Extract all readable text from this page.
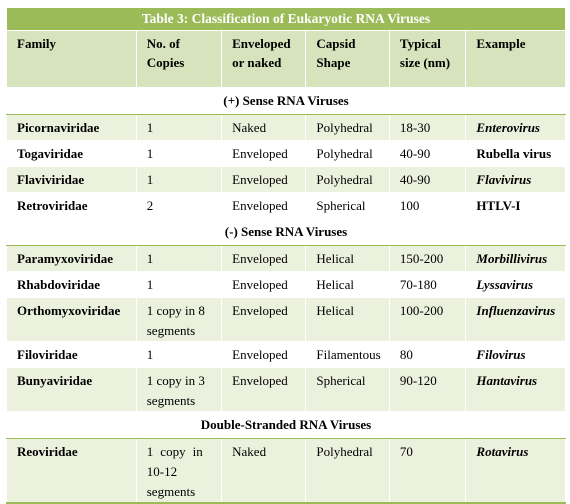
Table 3: Classification of Eukaryotic RNA Viruses					
Family	No. of Copies	Enveloped or naked	Capsid Shape	Typical size (nm)	Example
(+) Sense RNA Viruses					
Picornaviridae	1	Naked	Polyhedral	18-30	Enterovirus
Togaviridae	1	Enveloped	Polyhedral	40-90	Rubella virus
Flaviviridae	1	Enveloped	Polyhedral	40-90	Flavivirus
Retroviridae	2	Enveloped	Spherical	100	HTLV-I
(-) Sense RNA Viruses					
Paramyxoviridae	1	Enveloped	Helical	150-200	Morbillivirus
Rhabdoviridae	1	Enveloped	Helical	70-180	Lyssavirus
Orthomyxoviridae	1 copy in 8 segments	Enveloped	Helical	100-200	Influenzavirus
Filoviridae	1	Enveloped	Filamentous	80	Filovirus
Bunyaviridae	1 copy in 3 segments	Enveloped	Spherical	90-120	Hantavirus
Double-Stranded RNA Viruses					
Reoviridae	1 copy in 10-12 segments	Naked	Polyhedral	70	Rotavirus
